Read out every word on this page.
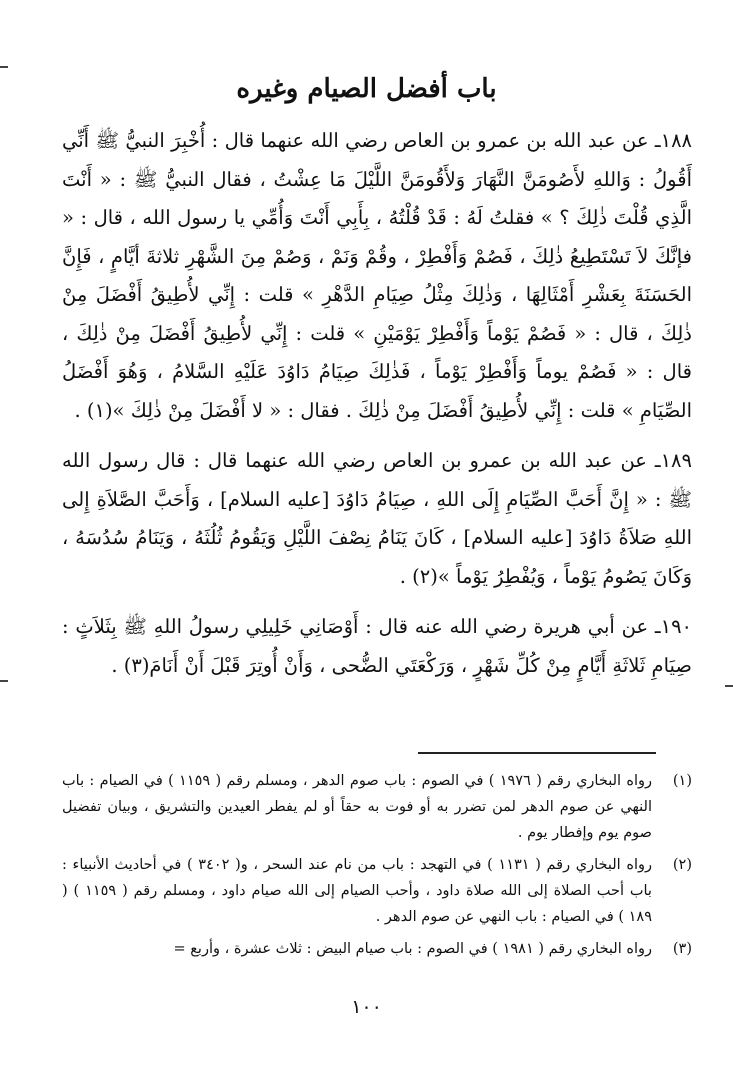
باب أفضل الصيام وغيره

١٨٨ـ عن عبد الله بن عمرو بن العاص رضي الله عنهما قال : أُخْبِرَ النبيُّ ﷺ أَنِّي أَقُولُ : وَاللهِ لأَصُومَنَّ النَّهَارَ وَلأَقُومَنَّ اللَّيْلَ مَا عِشْتُ ، فقال النبيُّ ﷺ : « أَنْتَ الَّذِي قُلْتَ ذٰلِكَ ؟ » فقلتُ لَهُ : قَدْ قُلْتُهُ ، بِأَبِي أَنْتَ وَأُمِّي يا رسول الله ، قال : « فإنَّكَ لاَ تَسْتَطِيعُ ذٰلِكَ ، فَصُمْ وَأَفْطِرْ ، وقُمْ وَنَمْ ، وَصُمْ مِنَ الشَّهْرِ ثلاثةَ أيَّامٍ ، فَإِنَّ الحَسَنَةَ بِعَشْرِ أَمْثَالِهَا ، وَذٰلِكَ مِثْلُ صِيَامِ الدَّهْرِ » قلت : إِنِّي لأُطِيقُ أَفْضَلَ مِنْ ذٰلِكَ ، قال : « فَصُمْ يَوْماً وَأَفْطِرْ يَوْمَيْنِ » قلت : إِنِّي لأُطِيقُ أَفْضَلَ مِنْ ذٰلِكَ ، قال : « فَصُمْ يوماً وَأَفْطِرْ يَوْماً ، فَذٰلِكَ صِيَامُ دَاوُدَ عَلَيْهِ السَّلامُ ، وَهُوَ أَفْضَلُ الصِّيَامِ » قلت : إِنِّي لأُطِيقُ أَفْضَلَ مِنْ ذٰلِكَ . فقال : « لا أَفْضَلَ مِنْ ذٰلِكَ »(١) .

١٨٩ـ عن عبد الله بن عمرو بن العاص رضي الله عنهما قال : قال رسول الله ﷺ : « إِنَّ أَحَبَّ الصِّيَامِ إِلَى اللهِ ، صِيَامُ دَاوُدَ [عليه السلام] ، وَأَحَبَّ الصَّلاَةِ إِلى اللهِ صَلاَةُ دَاوُدَ [عليه السلام] ، كَانَ يَنَامُ نِصْفَ اللَّيْلِ وَيَقُومُ ثُلُثَهُ ، وَيَنَامُ سُدُسَهُ ، وَكَانَ يَصُومُ يَوْماً ، وَيُفْطِرُ يَوْماً »(٢) .

١٩٠ـ عن أبي هريرة رضي الله عنه قال : أَوْصَانِي خَلِيلِي رسولُ اللهِ ﷺ بِثَلاَثٍ : صِيَامِ ثَلاثَةِ أَيَّامٍ مِنْ كُلِّ شَهْرٍ ، وَرَكْعَتَي الضُّحى ، وَأَنْ أُوتِرَ قَبْلَ أَنْ أَنَامَ(٣) .

(١)
رواه البخاري رقم ( ١٩٧٦ ) في الصوم : باب صوم الدهر ، ومسلم رقم ( ١١٥٩ ) في الصيام : باب النهي عن صوم الدهر لمن تضرر به أو فوت به حقاً أو لم يفطر العيدين والتشريق ، وبيان تفضيل صوم يوم وإفطار يوم .
(٢)
رواه البخاري رقم ( ١١٣١ ) في التهجد : باب من نام عند السحر ، و( ٣٤٠٢ ) في أحاديث الأنبياء : باب أحب الصلاة إلى الله صلاة داود ، وأحب الصيام إلى الله صيام داود ، ومسلم رقم ( ١١٥٩ ) ( ١٨٩ ) في الصيام : باب النهي عن صوم الدهر .
(٣)
رواه البخاري رقم ( ١٩٨١ ) في الصوم : باب صيام البيض : ثلاث عشرة ، وأربع =
١٠٠
